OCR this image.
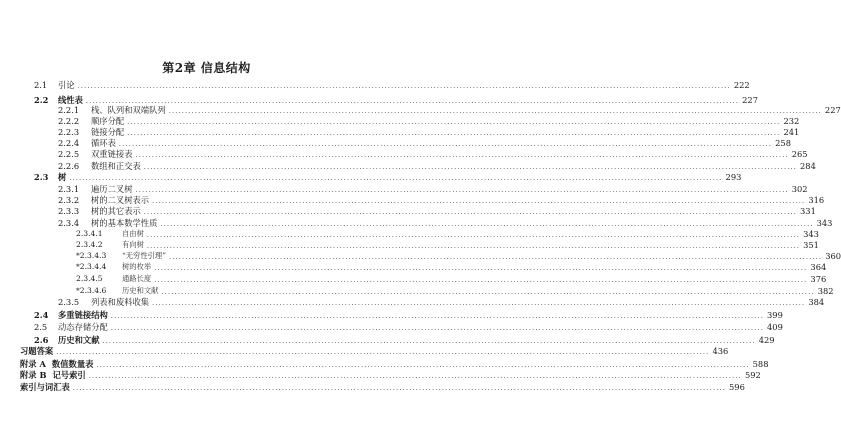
第2章 信息结构
2.1	引论 ........................................................................................................................................................................................................ 222
2.2	线性表 ........................................................................................................................................................................................................ 227
2.2.1	栈、队列和双端队列 ........................................................................................................................................................................................................ 227
2.2.2	顺序分配 ........................................................................................................................................................................................................ 232
2.2.3	链接分配 ........................................................................................................................................................................................................ 241
2.2.4	循环表 ........................................................................................................................................................................................................ 258
2.2.5	双重链接表 ........................................................................................................................................................................................................ 265
2.2.6	数组和正交表 ........................................................................................................................................................................................................ 284
2.3	树 ........................................................................................................................................................................................................ 293
2.3.1	遍历二叉树 ........................................................................................................................................................................................................ 302
2.3.2	树的二叉树表示 ........................................................................................................................................................................................................ 316
2.3.3	树的其它表示 ........................................................................................................................................................................................................ 331
2.3.4	树的基本数学性质 ........................................................................................................................................................................................................ 343
2.3.4.1	自由树 ........................................................................................................................................................................................................ 343
2.3.4.2	有向树 ........................................................................................................................................................................................................ 351
*2.3.4.3	“无穷性引理” ........................................................................................................................................................................................................ 360
*2.3.4.4	树的枚举 ........................................................................................................................................................................................................ 364
2.3.4.5	通路长度 ........................................................................................................................................................................................................ 376
*2.3.4.6	历史和文献 ........................................................................................................................................................................................................ 382
2.3.5	列表和废料收集 ........................................................................................................................................................................................................ 384
2.4	多重链接结构 ........................................................................................................................................................................................................ 399
2.5	动态存储分配 ........................................................................................................................................................................................................ 409
2.6	历史和文献 ........................................................................................................................................................................................................ 429
习题答案 ........................................................................................................................................................................................................ 436
附录 A 数值数量表 ........................................................................................................................................................................................................ 588
附录 B 记号索引 ........................................................................................................................................................................................................ 592
索引与词汇表 ........................................................................................................................................................................................................ 596
